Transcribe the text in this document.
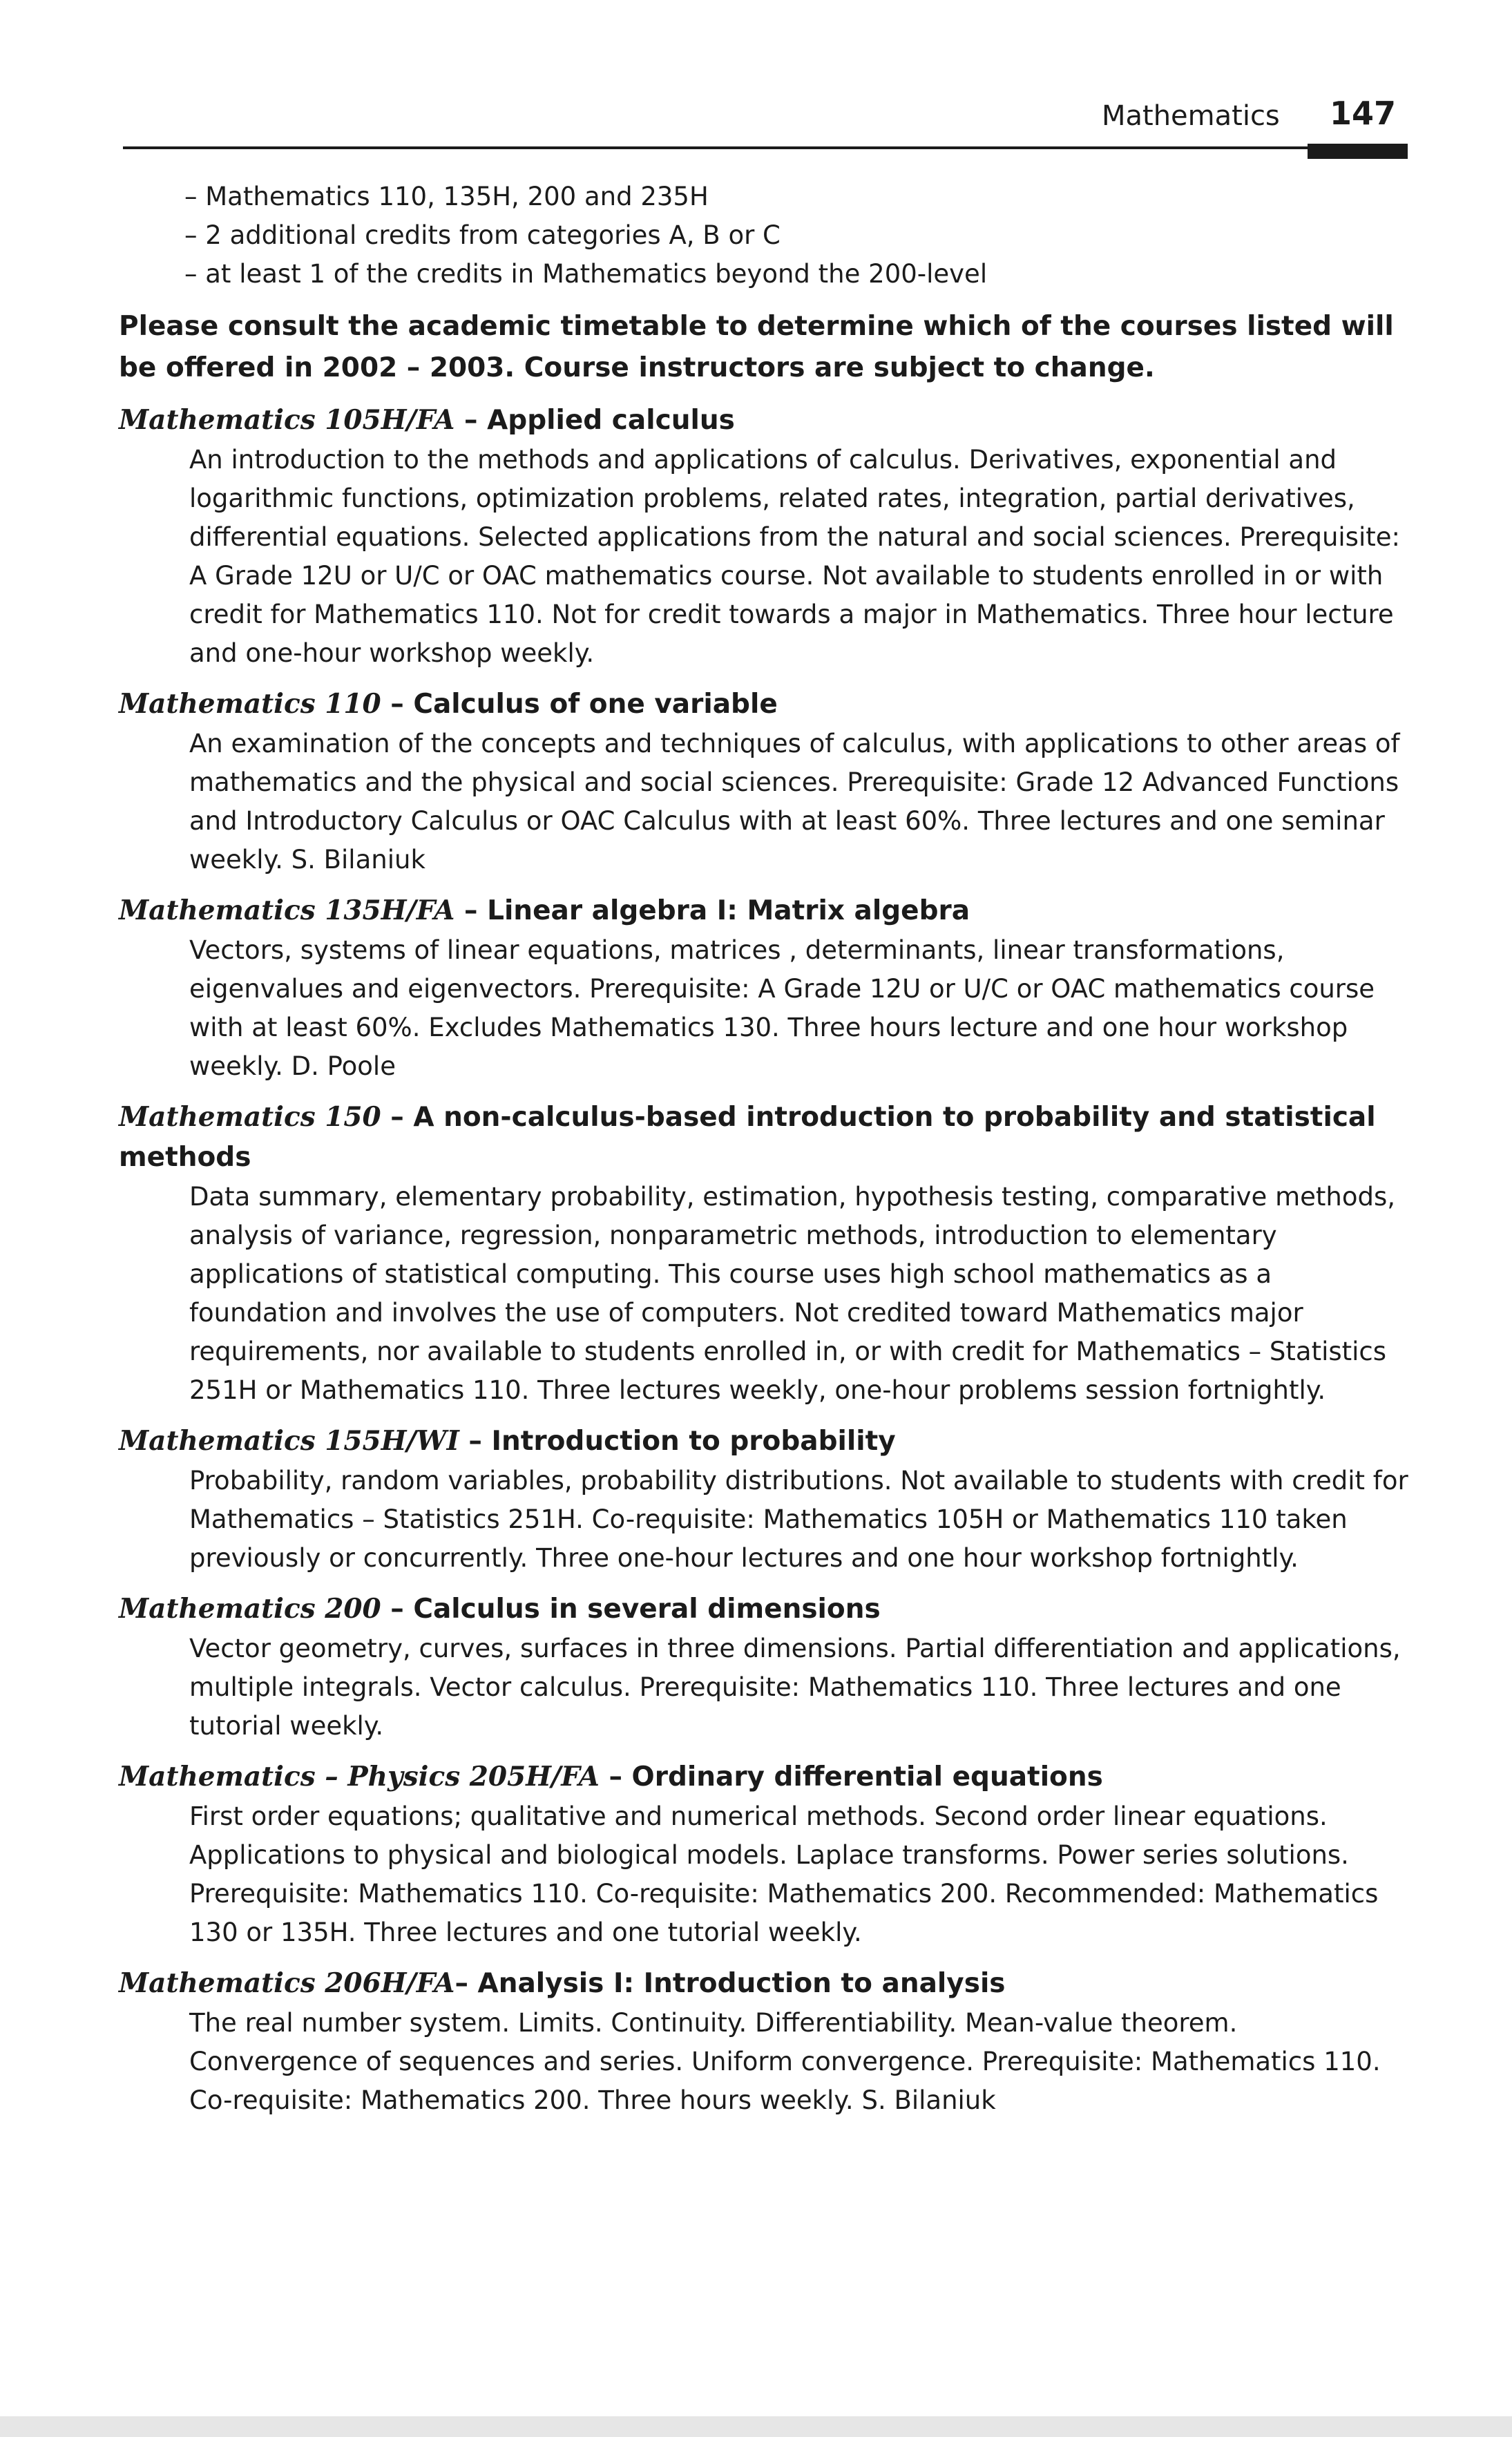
Mathematics 147
– Mathematics 110, 135H, 200 and 235H
– 2 additional credits from categories A, B or C
– at least 1 of the credits in Mathematics beyond the 200-level
Please consult the academic timetable to determine which of the courses listed will be offered in 2002 – 2003. Course instructors are subject to change.
Mathematics 105H/FA – Applied calculus
An introduction to the methods and applications of calculus. Derivatives, exponential and logarithmic functions, optimization problems, related rates, integration, partial derivatives, differential equations. Selected applications from the natural and social sciences. Prerequisite: A Grade 12U or U/C or OAC mathematics course. Not available to students enrolled in or with credit for Mathematics 110. Not for credit towards a major in Mathematics. Three hour lecture and one-hour workshop weekly.
Mathematics 110 – Calculus of one variable
An examination of the concepts and techniques of calculus, with applications to other areas of mathematics and the physical and social sciences. Prerequisite: Grade 12 Advanced Functions and Introductory Calculus or OAC Calculus with at least 60%. Three lectures and one seminar weekly. S. Bilaniuk
Mathematics 135H/FA – Linear algebra I: Matrix algebra
Vectors, systems of linear equations, matrices , determinants, linear transformations, eigenvalues and eigenvectors. Prerequisite: A Grade 12U or U/C or OAC mathematics course with at least 60%. Excludes Mathematics 130. Three hours lecture and one hour workshop weekly. D. Poole
Mathematics 150 – A non-calculus-based introduction to probability and statistical methods
Data summary, elementary probability, estimation, hypothesis testing, comparative methods, analysis of variance, regression, nonparametric methods, introduction to elementary applications of statistical computing. This course uses high school mathematics as a foundation and involves the use of computers. Not credited toward Mathematics major requirements, nor available to students enrolled in, or with credit for Mathematics – Statistics 251H or Mathematics 110. Three lectures weekly, one-hour problems session fortnightly.
Mathematics 155H/WI – Introduction to probability
Probability, random variables, probability distributions. Not available to students with credit for Mathematics – Statistics 251H. Co-requisite: Mathematics 105H or Mathematics 110 taken previously or concurrently. Three one-hour lectures and one hour workshop fortnightly.
Mathematics 200 – Calculus in several dimensions
Vector geometry, curves, surfaces in three dimensions. Partial differentiation and applications, multiple integrals. Vector calculus. Prerequisite: Mathematics 110. Three lectures and one tutorial weekly.
Mathematics – Physics 205H/FA – Ordinary differential equations
First order equations; qualitative and numerical methods. Second order linear equations. Applications to physical and biological models. Laplace transforms. Power series solutions. Prerequisite: Mathematics 110. Co-requisite: Mathematics 200. Recommended: Mathematics 130 or 135H. Three lectures and one tutorial weekly.
Mathematics 206H/FA– Analysis I: Introduction to analysis
The real number system. Limits. Continuity. Differentiability. Mean-value theorem. Convergence of sequences and series. Uniform convergence. Prerequisite: Mathematics 110. Co-requisite: Mathematics 200. Three hours weekly. S. Bilaniuk
